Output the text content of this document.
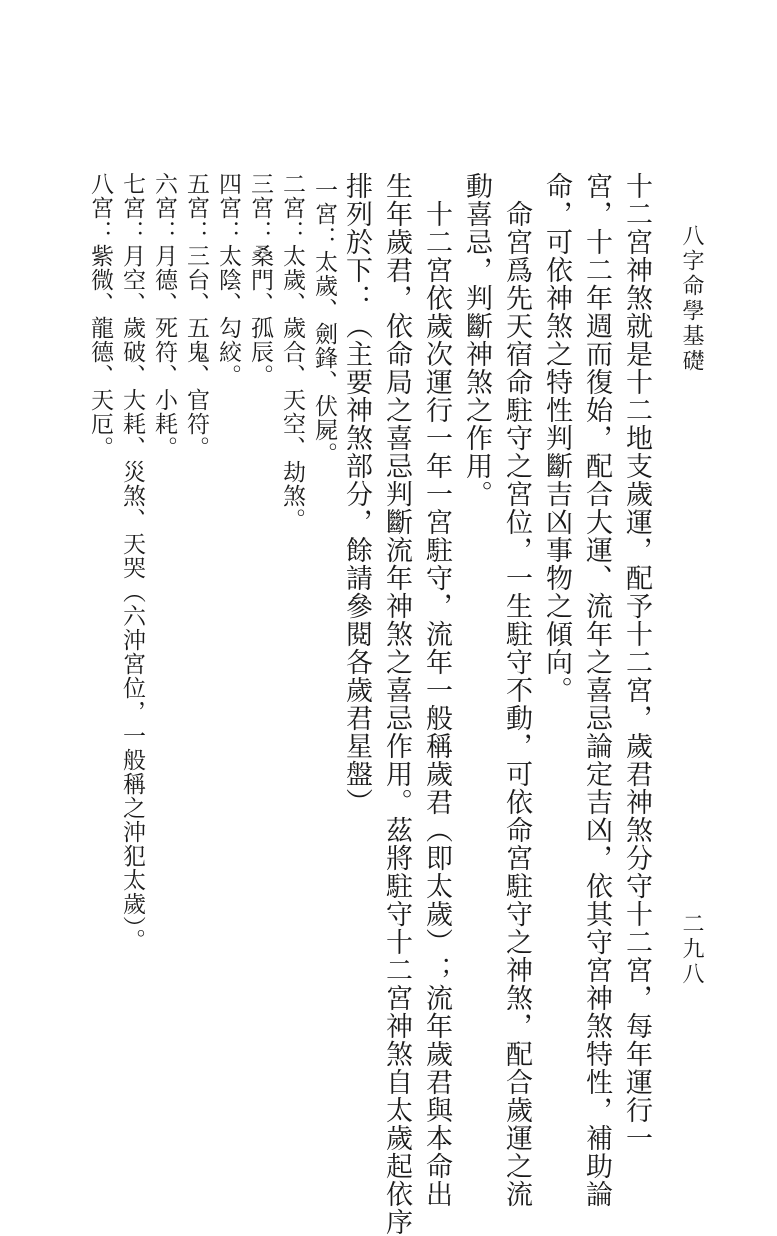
八字命學基礎
二九八
十二宮神煞就是十二地支歲運，配予十二宮，歲君神煞分守十二宮，每年運行一
宮，十二年週而復始，配合大運、流年之喜忌論定吉凶，依其守宮神煞特性，補助論
命，可依神煞之特性判斷吉凶事物之傾向。
　命宮爲先天宿命駐守之宮位，一生駐守不動，可依命宮駐守之神煞，配合歲運之流
動喜忌，判斷神煞之作用。
　十二宮依歲次運行一年一宮駐守，流年一般稱歲君（即太歲）；流年歲君與本命出
生年歲君，依命局之喜忌判斷流年神煞之喜忌作用。茲將駐守十二宮神煞自太歲起依序
排列於下：（主要神煞部分，餘請參閱各歲君星盤）
一宮：太歲、劍鋒、伏屍。
二宮：太歲、歲合、天空、劫煞。
三宮：桑門、孤辰。
四宮：太陰、勾絞。
五宮：三台、五鬼、官符。
六宮：月德、死符、小耗。
七宮：月空、歲破、大耗、災煞、天哭（六沖宮位，一般稱之沖犯太歲）。
八宮：紫微、龍德、天厄。
